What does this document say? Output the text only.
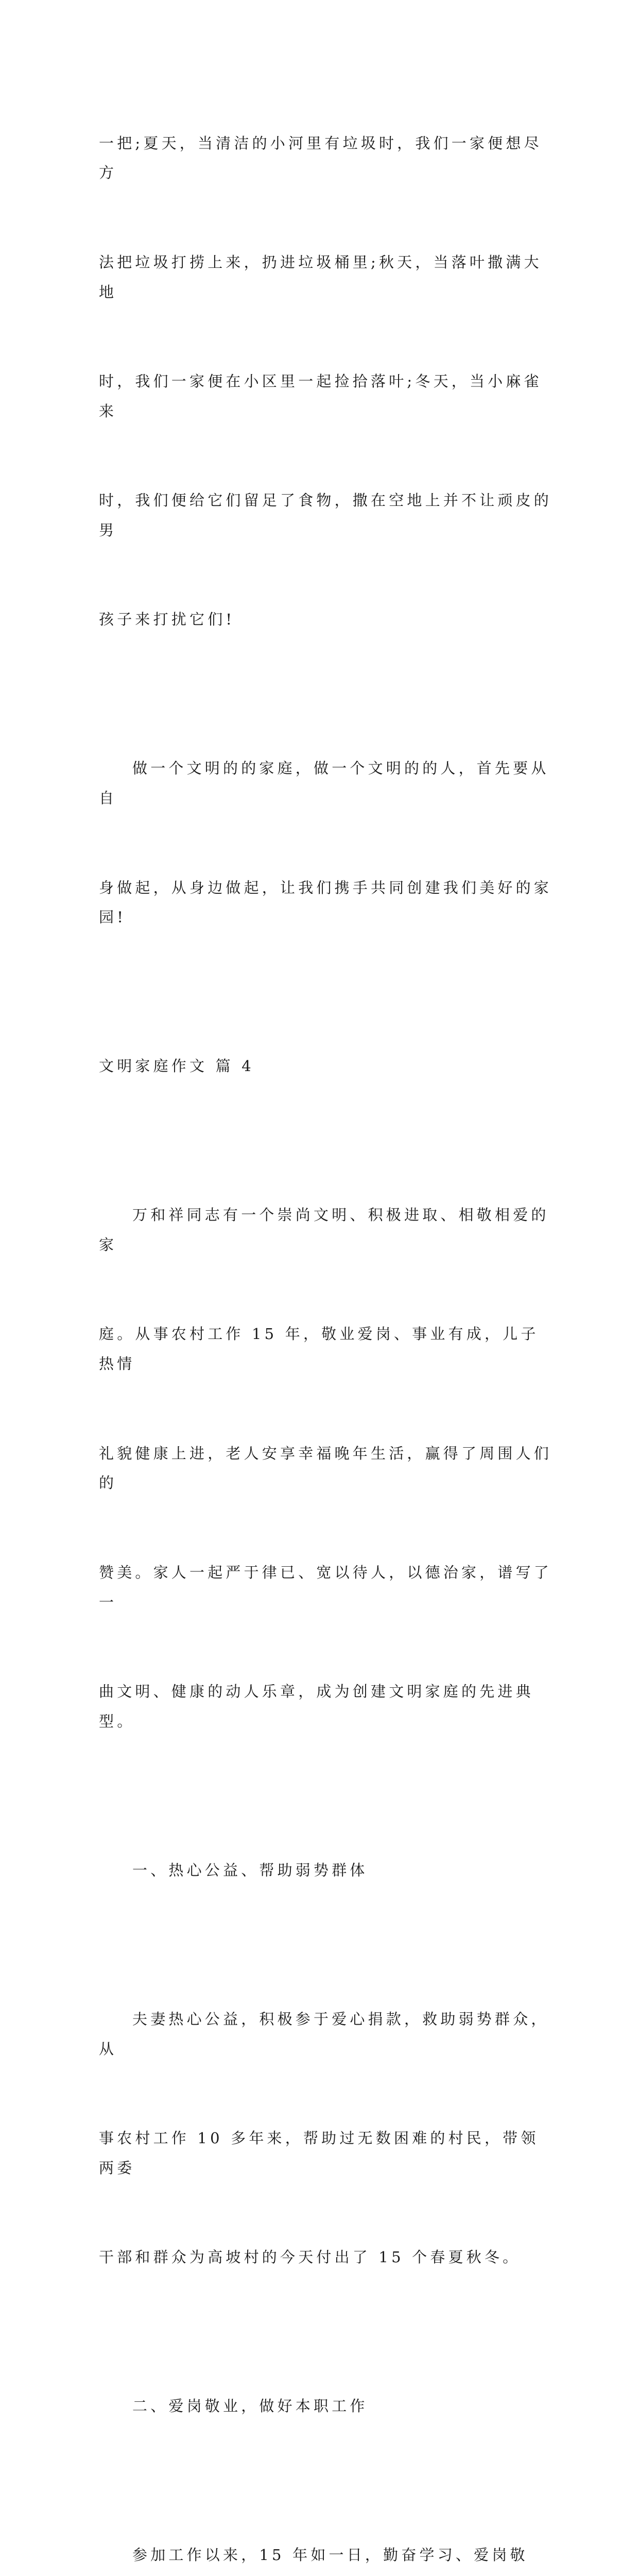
一把;夏天，当清洁的小河里有垃圾时，我们一家便想尽方

法把垃圾打捞上来，扔进垃圾桶里;秋天，当落叶撒满大地

时，我们一家便在小区里一起捡拾落叶;冬天，当小麻雀来

时，我们便给它们留足了食物，撒在空地上并不让顽皮的男

孩子来打扰它们!

做一个文明的的家庭，做一个文明的的人，首先要从自

身做起，从身边做起，让我们携手共同创建我们美好的家园!

文明家庭作文 篇 4

万和祥同志有一个崇尚文明、积极进取、相敬相爱的家

庭。从事农村工作 15 年，敬业爱岗、事业有成，儿子热情

礼貌健康上进，老人安享幸福晚年生活，赢得了周围人们的

赞美。家人一起严于律已、宽以待人，以德治家，谱写了一

曲文明、健康的动人乐章，成为创建文明家庭的先进典型。

一、热心公益、帮助弱势群体

夫妻热心公益，积极参于爱心捐款，救助弱势群众，从

事农村工作 10 多年来，帮助过无数困难的村民，带领两委

干部和群众为高坡村的今天付出了 15 个春夏秋冬。

二、爱岗敬业，做好本职工作

参加工作以来，15 年如一日，勤奋学习、爱岗敬
